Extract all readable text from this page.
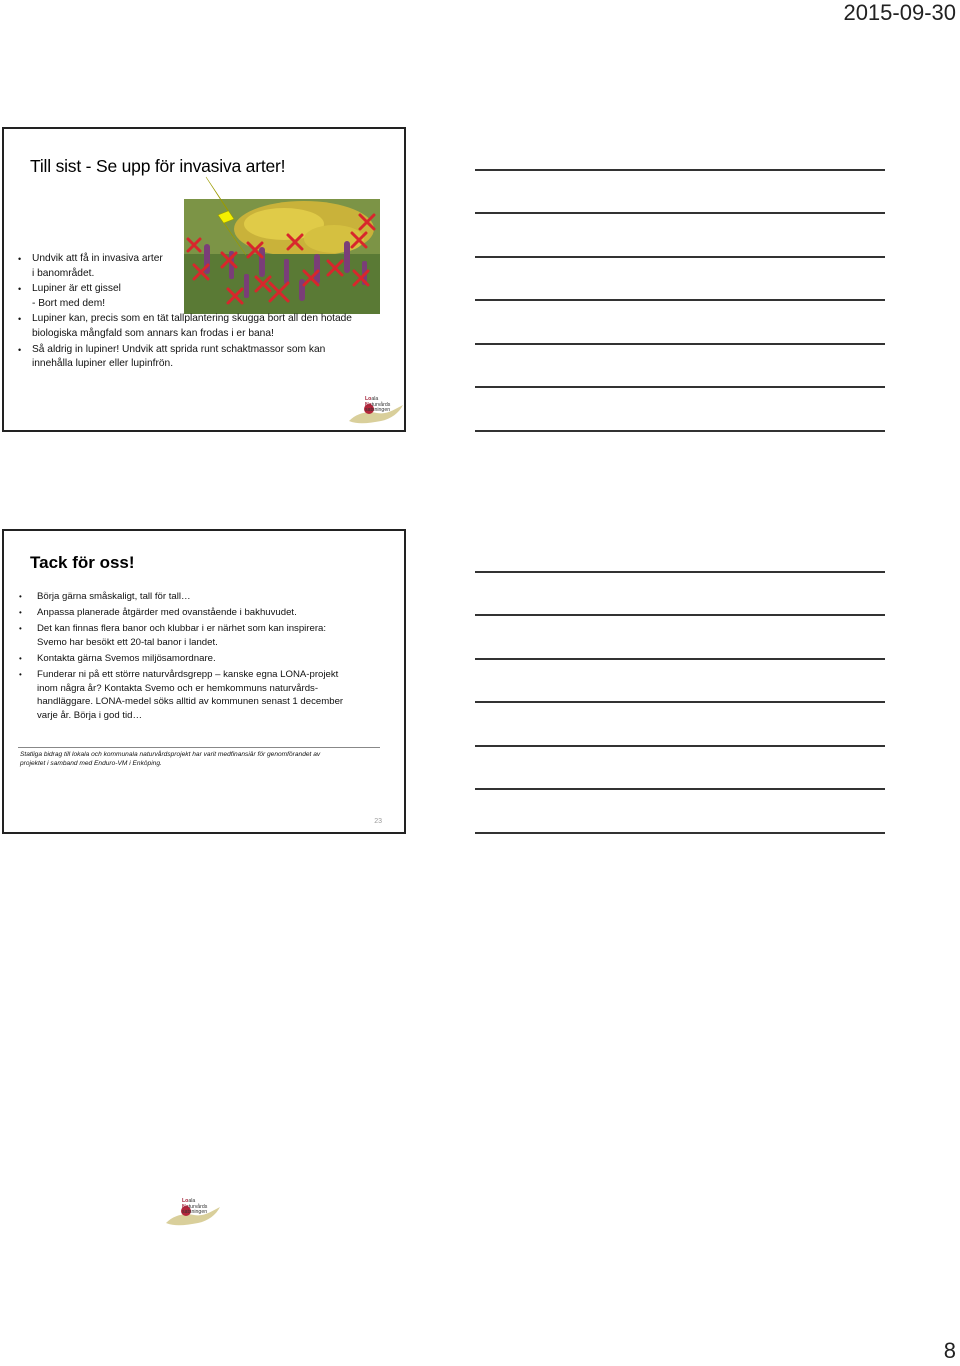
2015-09-30
Till sist - Se upp för invasiva arter!
• Undvik att få in invasiva arter
i banområdet.
• Lupiner är ett gissel
- Bort med dem!
• Lupiner kan, precis som en tät tallplantering skugga bort all den hotade
biologiska mångfald som annars kan frodas i er bana!
• Så aldrig in lupiner! Undvik att sprida runt schaktmassor som kan
innehålla lupiner eller lupinfrön.
Loala
Naturvårds
satsningen
Tack för oss!
• Börja gärna småskaligt, tall för tall…
• Anpassa planerade åtgärder med ovanstående i bakhuvudet.
• Det kan finnas flera banor och klubbar i er närhet som kan inspirera:
Svemo har besökt ett 20-tal banor i landet.
• Kontakta gärna Svemos miljösamordnare.
• Funderar ni på ett större naturvårdsgrepp – kanske egna LONA-projekt
inom några år? Kontakta Svemo och er hemkommuns naturvårds-
handläggare. LONA-medel söks alltid av kommunen senast 1 december
varje år. Börja i god tid…
Statliga bidrag till lokala och kommunala naturvårdsprojekt har varit medfinansiär för genomförandet av
projektet i samband med Enduro-VM i Enköping.
Loala
Naturvårds
satsningen
23
8
